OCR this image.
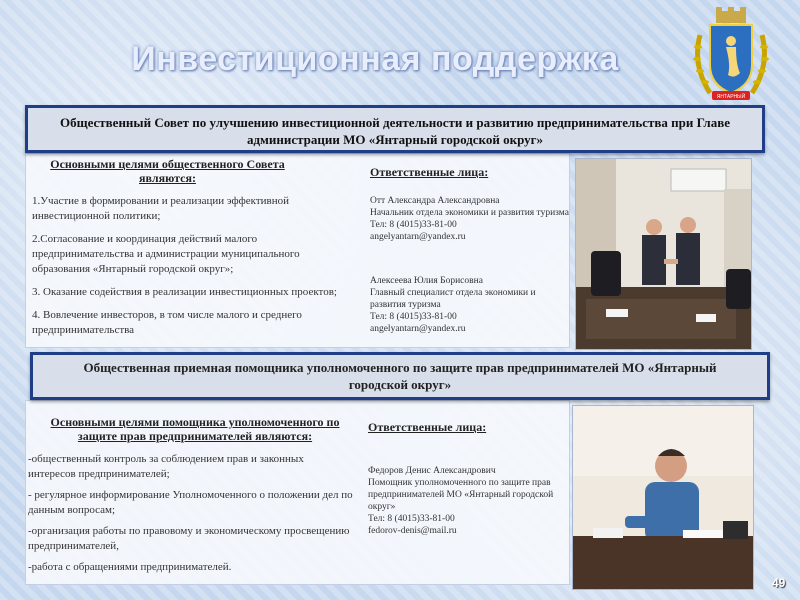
Инвестиционная поддержка
ЯНТАРНЫЙ
Общественный Совет по улучшению инвестиционной деятельности и развитию предпринимательства при Главе администрации МО «Янтарный городской округ»
Основными целями общественного Совета являются:
1.Участие в формировании и реализации эффективной инвестиционной политики;
2.Согласование и координация действий малого предпринимательства и администрации муниципального образования «Янтарный городской округ»;
3. Оказание содействия в реализации инвестиционных проектов;
4. Вовлечение инвесторов, в том числе малого и среднего предпринимательства
Ответственные лица:
Отт Александра Александровна
Начальник отдела экономики и развития туризма
Тел: 8 (4015)33-81-00
angelyantarn@yandex.ru
Алексеева Юлия Борисовна
Главный специалист отдела экономики и развития туризма
Тел: 8 (4015)33-81-00
angelyantarn@yandex.ru
Общественная приемная помощника уполномоченного по защите прав предпринимателей МО «Янтарный городской округ»
Основными целями помощника уполномоченного по защите прав предпринимателей являются:
-общественный контроль за соблюдением прав и законных интересов предпринимателей;
- регулярное информирование Уполномоченного о положении дел по данным вопросам;
-организация работы по правовому и экономическому просвещению предпринимателей,
-работа с обращениями предпринимателей.
Ответственные лица:
Федоров Денис Александрович
Помощник уполномоченного по защите прав предпринимателей МО «Янтарный городской округ»
Тел: 8 (4015)33-81-00
fedorov-denis@mail.ru
49
